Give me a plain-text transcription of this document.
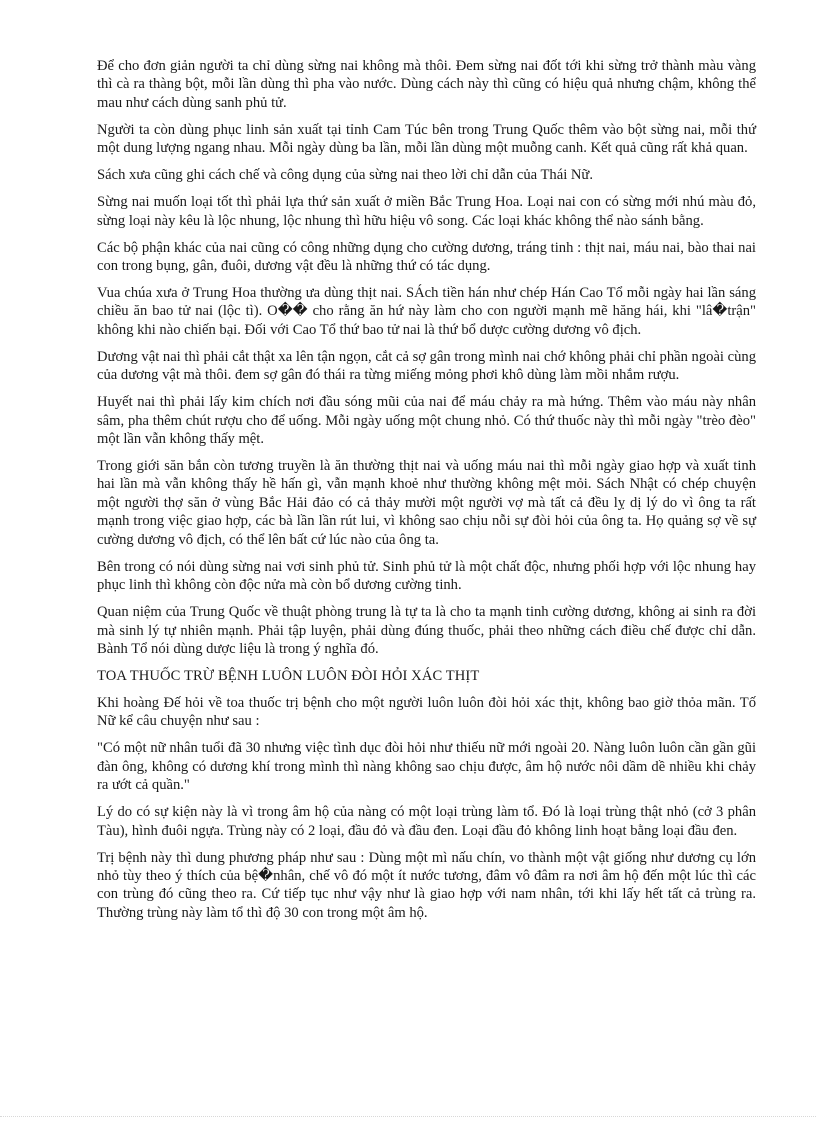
Để cho đơn giản người ta chỉ dùng sừng nai không mà thôi. Đem sừng nai đốt tới khi sừng trở thành màu vàng thì cà ra thàng bột, mỗi lần dùng thì pha vào nước. Dùng cách này thì cũng có hiệu quả nhưng chậm, không thể mau như cách dùng sanh phủ tử.

Người ta còn dùng phục linh sản xuất tại tỉnh Cam Túc bên trong Trung Quốc thêm vào bột sừng nai, mỗi thứ một dung lượng ngang nhau. Mỗi ngày dùng ba lần, mỗi lần dùng một muỗng canh. Kết quả cũng rất khả quan.

Sách xưa cũng ghi cách chế và công dụng của sừng nai theo lời chỉ dẫn của Thái Nữ.

Sừng nai muốn loại tốt thì phải lựa thứ sản xuất ở miền Bắc Trung Hoa. Loại nai con có sừng mới nhú màu đỏ, sừng loại này kêu là lộc nhung, lộc nhung thì hữu hiệu vô song. Các loại khác không thể nào sánh bằng.

Các bộ phận khác của nai cũng có công những dụng cho cường dương, tráng tinh : thịt nai, máu nai, bào thai nai con trong bụng, gân, đuôi, dương vật đều là những thứ có tác dụng.

Vua chúa xưa ở Trung Hoa thường ưa dùng thịt nai. SÁch tiền hán như chép Hán Cao Tổ mỗi ngày hai lần sáng chiều ăn bao tử nai (lộc tì). O�� cho rằng ăn hứ này làm cho con người mạnh mẽ hăng hái, khi "lâ�trận" không khi nào chiến bại. Đối với Cao Tổ thứ bao tử nai là thứ bổ dược cường dương vô địch.

Dương vật nai thì phải cắt thật xa lên tận ngọn, cắt cả sợ gân trong mình nai chớ không phải chỉ phần ngoài cùng của dương vật mà thôi. đem sợ gân đó thái ra từng miếng mỏng phơi khô dùng làm mồi nhắm rượu.

Huyết nai thì phải lấy kim chích nơi đầu sóng mũi của nai để máu chảy ra mà hứng. Thêm vào máu này nhân sâm, pha thêm chút rượu cho để uống. Mỗi ngày uống một chung nhỏ. Có thứ thuốc này thì mỗi ngày "trèo đèo" một lần vẫn không thấy mệt.

Trong giới săn bắn còn tương truyền là ăn thường thịt nai và uống máu nai thì mỗi ngày giao hợp và xuất tinh hai lần mà vẫn không thấy hề hấn gì, vẫn mạnh khoẻ như thường không mệt mỏi. Sách Nhật có chép chuyện một người thợ săn ở vùng Bắc Hải đảo có cả thảy mười một người vợ mà tất cả đều lỵ dị lý do vì ông ta rất mạnh trong việc giao hợp, các bà lần lần rút lui, vì không sao chịu nỗi sự đòi hỏi của ông ta. Họ quảng sợ về sự cường dương vô địch, có thể lên bất cứ lúc nào của ông ta.

Bên trong có nói dùng sừng nai vơi sinh phủ tử. Sinh phủ tử là một chất độc, nhưng phối hợp với lộc nhung hay phục linh thì không còn độc nửa mà còn bổ dương cường tinh.

Quan niệm của Trung Quốc về thuật phòng trung là tự ta là cho ta mạnh tinh cường dương, không ai sinh ra đời mà sinh lý tự nhiên mạnh. Phải tập luyện, phải dùng đúng thuốc, phải theo những cách điều chế được chỉ dẫn. Bành Tổ nói dùng dược liệu là trong ý nghĩa đó.

TOA THUỐC TRỪ BỆNH LUÔN LUÔN ĐÒI HỎI XÁC THỊT

Khi hoàng Đế hỏi về toa thuốc trị bệnh cho một người luôn luôn đòi hỏi xác thịt, không bao giờ thỏa mãn. Tố Nữ kể câu chuyện như sau :

"Có một nữ nhân tuổi đã 30 nhưng việc tình dục đòi hỏi như thiếu nữ mới ngoài 20. Nàng luôn luôn cần gần gũi đàn ông, không có dương khí trong mình thì nàng không sao chịu được, âm hộ nước nôi dầm dề nhiều khi chảy ra ướt cả quần."

Lý do có sự kiện này là vì trong âm hộ của nàng có một loại trùng làm tổ. Đó là loại trùng thật nhỏ (cở 3 phân Tàu), hình đuôi ngựa. Trùng này có 2 loại, đầu đỏ và đầu đen. Loại đầu đỏ không linh hoạt bằng loại đầu đen.

Trị bệnh này thì dung phương pháp như sau : Dùng một mì nấu chín, vo thành một vật giống như dương cụ lớn nhỏ tùy theo ý thích của bệ�nhân, chế vô đó một ít nước tương, đâm vô đâm ra nơi âm hộ đến một lúc thì các con trùng đó cũng theo ra. Cứ tiếp tục như vậy như là giao hợp với nam nhân, tới khi lấy hết tất cả trùng ra. Thường trùng này làm tổ thì độ 30 con trong một âm hộ.
